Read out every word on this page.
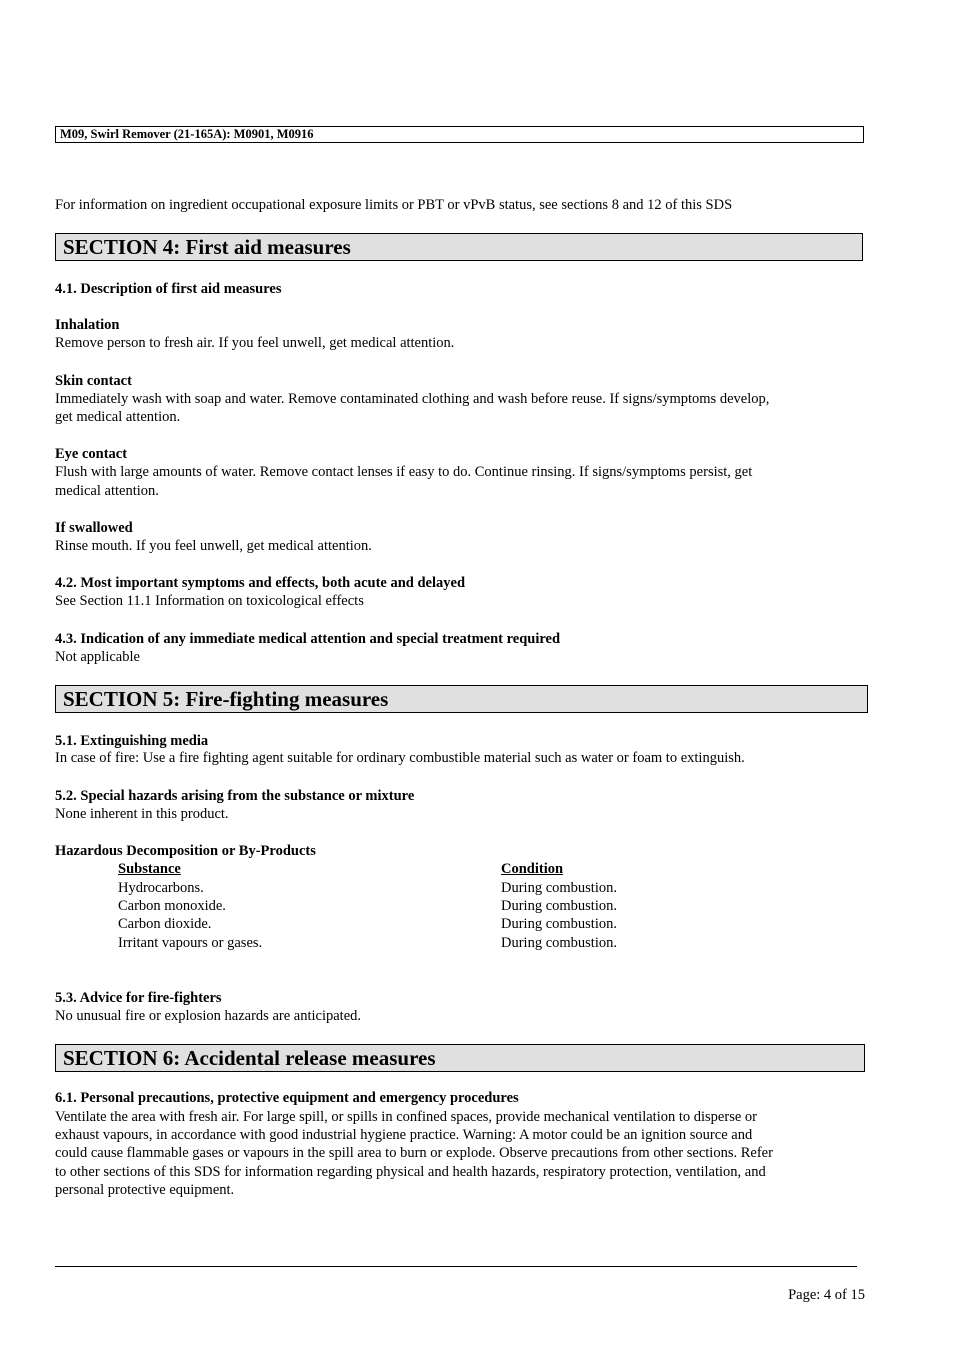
M09, Swirl Remover (21-165A): M0901, M0916
For information on ingredient occupational exposure limits or PBT or vPvB status, see sections 8 and 12 of this SDS
SECTION 4: First aid measures
4.1. Description of first aid measures
Inhalation
Remove person to fresh air. If you feel unwell, get medical attention.
Skin contact
Immediately wash with soap and water. Remove contaminated clothing and wash before reuse. If signs/symptoms develop,
get medical attention.
Eye contact
Flush with large amounts of water. Remove contact lenses if easy to do. Continue rinsing. If signs/symptoms persist, get
medical attention.
If swallowed
Rinse mouth. If you feel unwell, get medical attention.
4.2. Most important symptoms and effects, both acute and delayed
See Section 11.1 Information on toxicological effects
4.3. Indication of any immediate medical attention and special treatment required
Not applicable
SECTION 5: Fire-fighting measures
5.1. Extinguishing media
In case of fire: Use a fire fighting agent suitable for ordinary combustible material such as water or foam to extinguish.
5.2. Special hazards arising from the substance or mixture
None inherent in this product.
Hazardous Decomposition or By-Products
Substance	Condition
Hydrocarbons.	During combustion.
Carbon monoxide.	During combustion.
Carbon dioxide.	During combustion.
Irritant vapours or gases.	During combustion.
5.3. Advice for fire-fighters
No unusual fire or explosion hazards are anticipated.
SECTION 6: Accidental release measures
6.1. Personal precautions, protective equipment and emergency procedures
Ventilate the area with fresh air. For large spill, or spills in confined spaces, provide mechanical ventilation to disperse or
exhaust vapours, in accordance with good industrial hygiene practice. Warning: A motor could be an ignition source and
could cause flammable gases or vapours in the spill area to burn or explode. Observe precautions from other sections. Refer
to other sections of this SDS for information regarding physical and health hazards, respiratory protection, ventilation, and
personal protective equipment.
Page: 4 of 15
